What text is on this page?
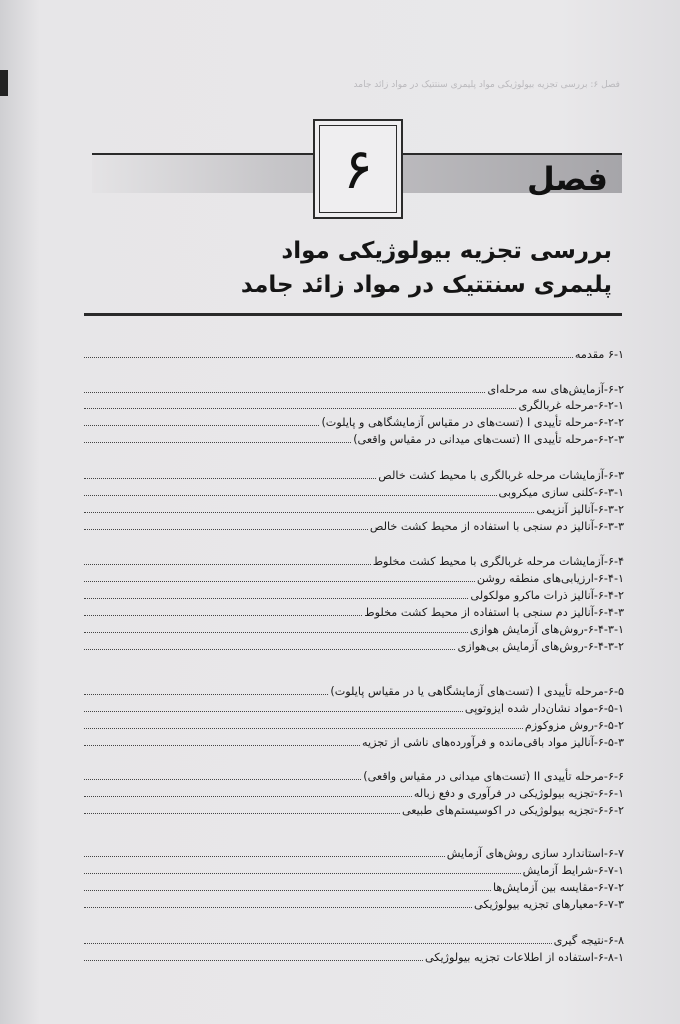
فصل ۶: بررسی تجزیه بیولوژیکی مواد پلیمری سنتتیک در مواد زائد جامد
فصل
۶
بررسی تجزیه بیولوژیکی مواد
پلیمری سنتتیک در مواد زائد جامد
۶-۱ مقدمه
۶-۲-آزمایش‌های سه مرحله‌ای
۶-۲-۱-مرحله غربالگری
۶-۲-۲-مرحله تأییدی I (تست‌های در مقیاس آزمایشگاهی و پایلوت)
۶-۲-۳-مرحله تأییدی II (تست‌های میدانی در مقیاس واقعی)
۶-۳-آزمایشات مرحله غربالگری با محیط کشت خالص
۶-۳-۱-کلنی سازی میکروبی
۶-۳-۲-آنالیز آنزیمی
۶-۳-۳-آنالیز دم سنجی با استفاده از محیط کشت خالص
۶-۴-آزمایشات مرحله غربالگری با محیط کشت مخلوط
۶-۴-۱-ارزیابی‌های منطقه روشن
۶-۴-۲-آنالیز ذرات ماکرو مولکولی
۶-۴-۳-آنالیز دم سنجی با استفاده از محیط کشت مخلوط
۶-۴-۳-۱-روش‌های آزمایش هوازی
۶-۴-۳-۲-روش‌های آزمایش بی‌هوازی
۶-۵-مرحله تأییدی I (تست‌های آزمایشگاهی یا در مقیاس پایلوت)
۶-۵-۱-مواد نشان‌دار شده ایزوتوپی
۶-۵-۲-روش مزوکوزم
۶-۵-۳-آنالیز مواد باقی‌مانده و فرآورده‌های ناشی از تجزیه
۶-۶-مرحله تأییدی II (تست‌های میدانی در مقیاس واقعی)
۶-۶-۱-تجزیه بیولوژیکی در فرآوری و دفع زباله
۶-۶-۲-تجزیه بیولوژیکی در اکوسیستم‌های طبیعی
۶-۷-استاندارد سازی روش‌های آزمایش
۶-۷-۱-شرایط آزمایش
۶-۷-۲-مقایسه بین آزمایش‌ها
۶-۷-۳-معیارهای تجزیه بیولوژیکی
۶-۸-نتیجه گیری
۶-۸-۱-استفاده از اطلاعات تجزیه بیولوژیکی
